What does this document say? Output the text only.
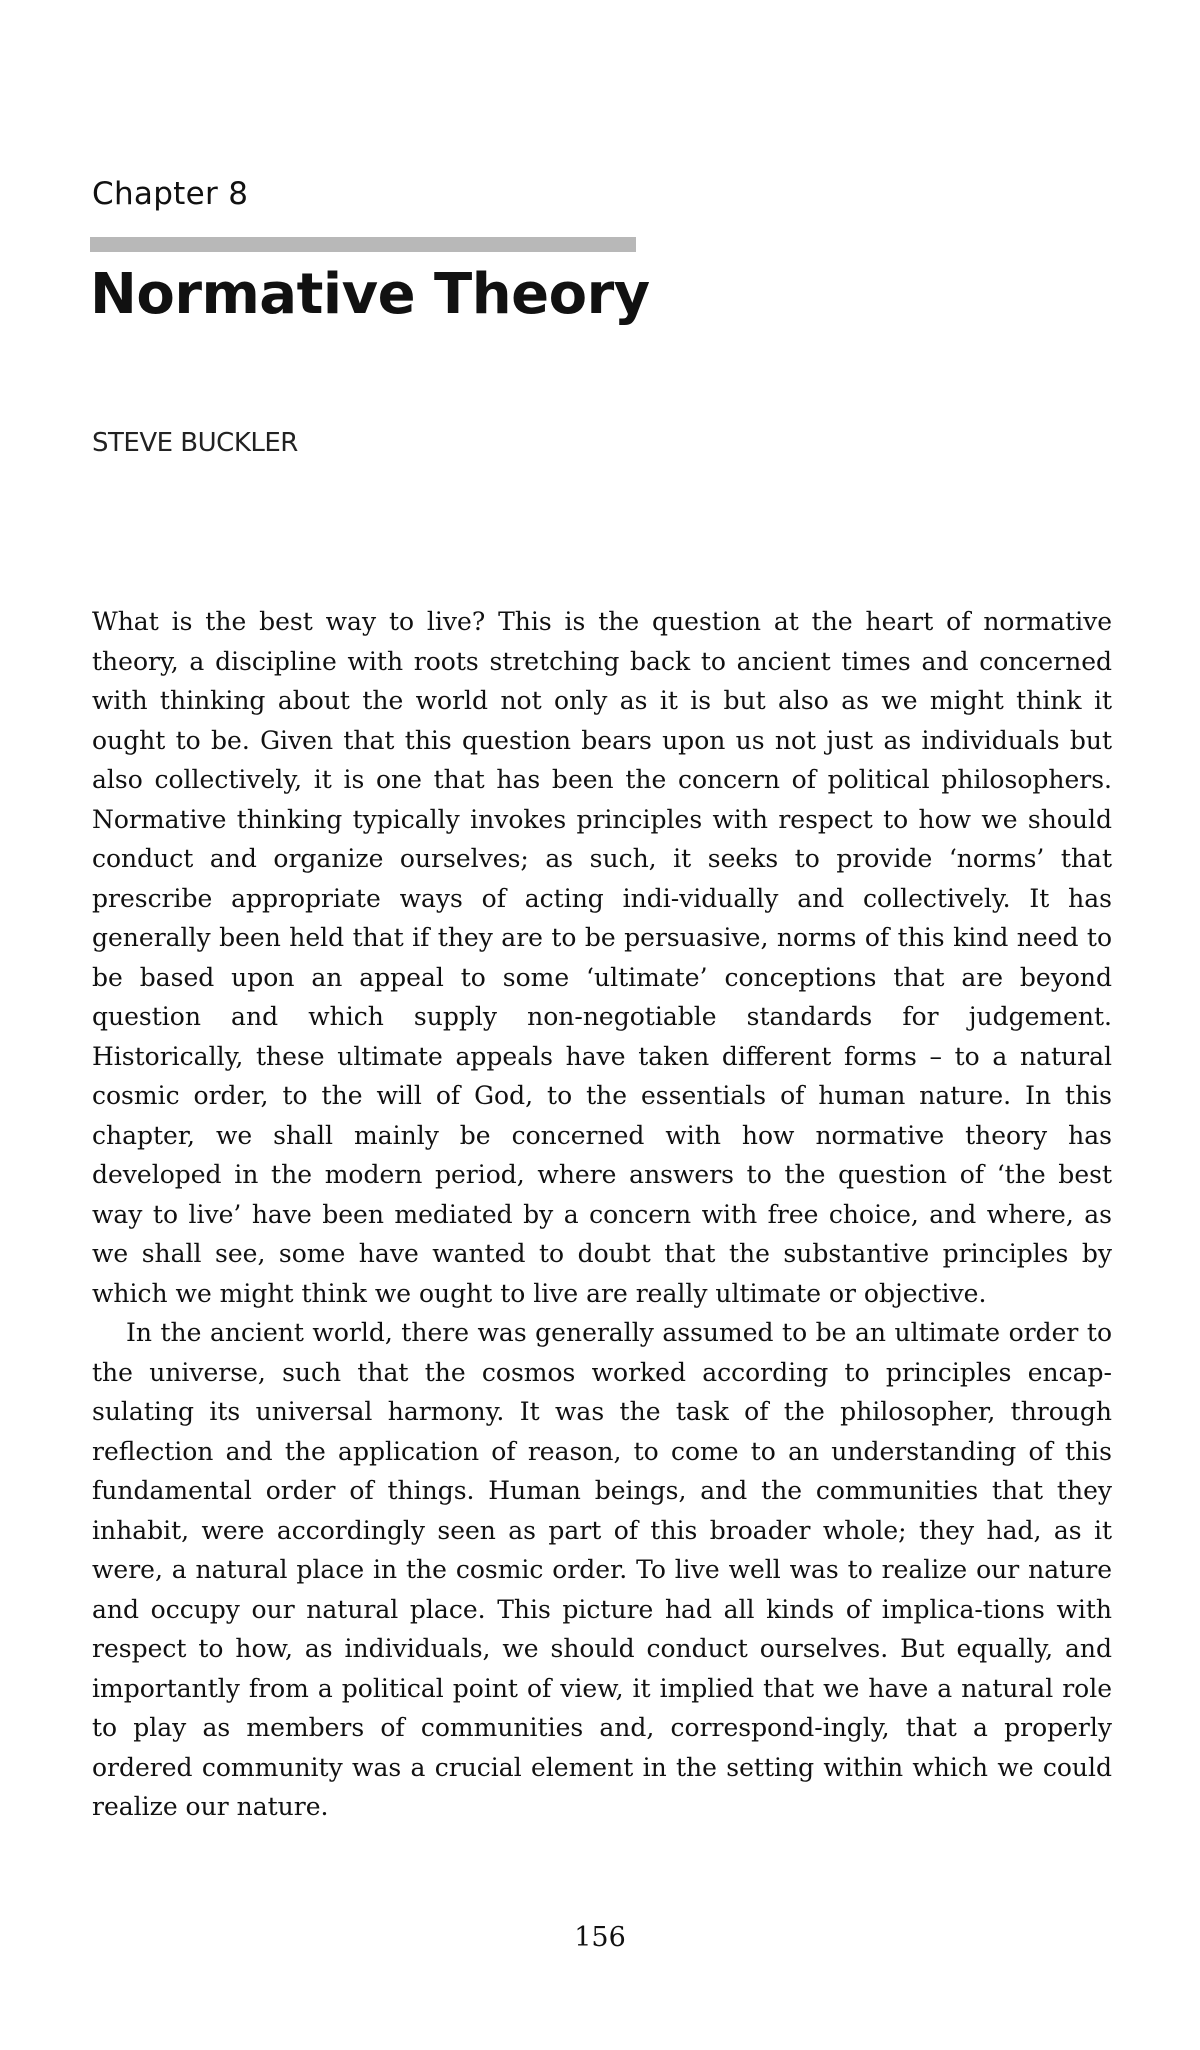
Chapter 8
Normative Theory
STEVE BUCKLER

What is the best way to live? This is the question at the heart of normative theory, a discipline with roots stretching back to ancient times and concerned with thinking about the world not only as it is but also as we might think it ought to be. Given that this question bears upon us not just as individuals but also collectively, it is one that has been the concern of political philosophers. Normative thinking typically invokes principles with respect to how we should conduct and organize ourselves; as such, it seeks to provide ‘norms’ that prescribe appropriate ways of acting indi-vidually and collectively. It has generally been held that if they are to be persuasive, norms of this kind need to be based upon an appeal to some ‘ultimate’ conceptions that are beyond question and which supply non-negotiable standards for judgement. Historically, these ultimate appeals have taken different forms – to a natural cosmic order, to the will of God, to the essentials of human nature. In this chapter, we shall mainly be concerned with how normative theory has developed in the modern period, where answers to the question of ‘the best way to live’ have been mediated by a concern with free choice, and where, as we shall see, some have wanted to doubt that the substantive principles by which we might think we ought to live are really ultimate or objective.

In the ancient world, there was generally assumed to be an ultimate order to the universe, such that the cosmos worked according to principles encap-sulating its universal harmony. It was the task of the philosopher, through reflection and the application of reason, to come to an understanding of this fundamental order of things. Human beings, and the communities that they inhabit, were accordingly seen as part of this broader whole; they had, as it were, a natural place in the cosmic order. To live well was to realize our nature and occupy our natural place. This picture had all kinds of implica-tions with respect to how, as individuals, we should conduct ourselves. But equally, and importantly from a political point of view, it implied that we have a natural role to play as members of communities and, correspond-ingly, that a properly ordered community was a crucial element in the setting within which we could realize our nature.

156
